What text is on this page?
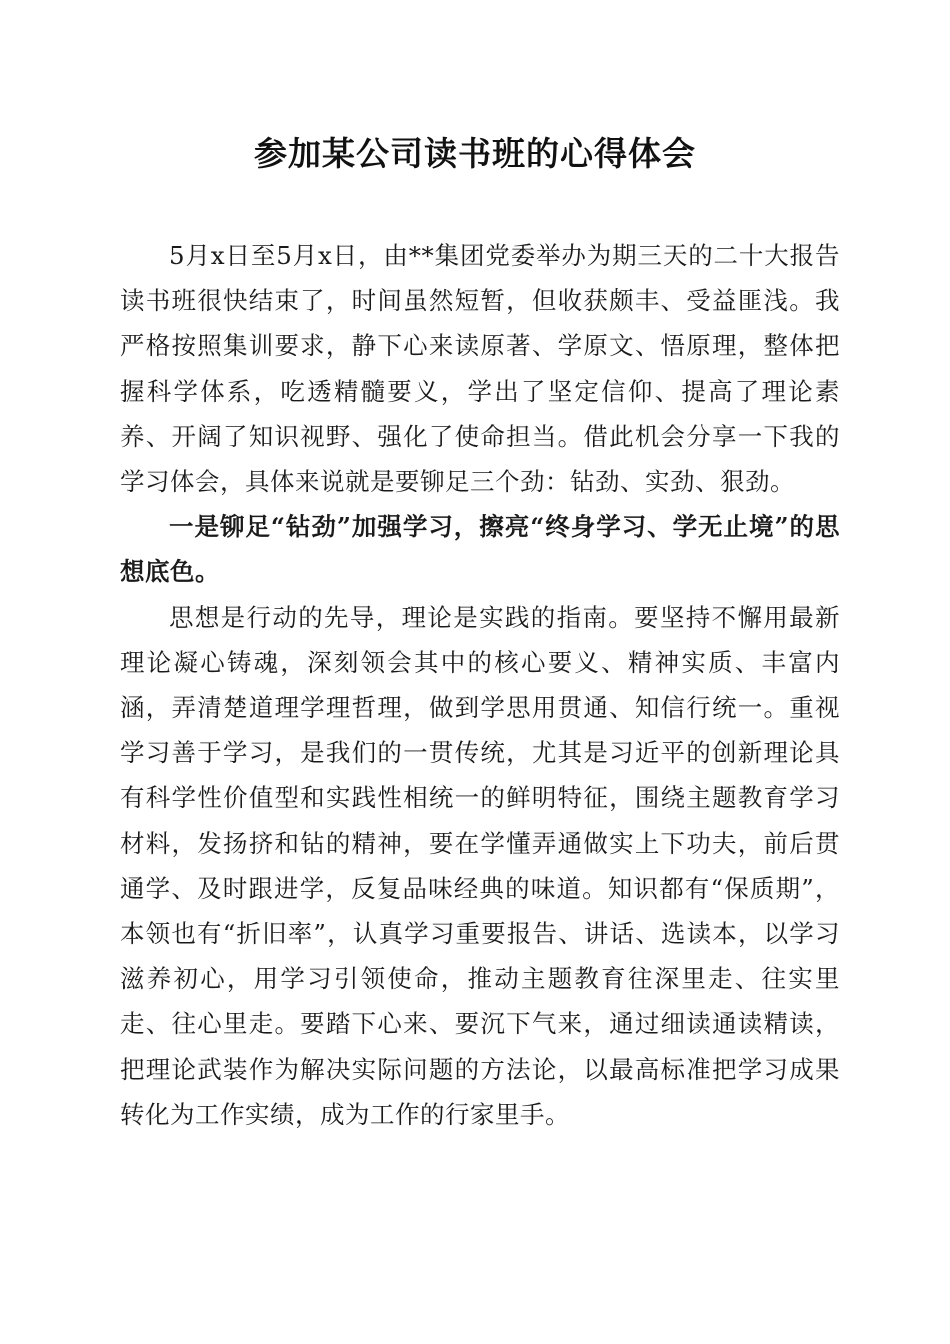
参加某公司读书班的心得体会

5月x日至5月x日，由**集团党委举办为期三天的二十大报告读书班很快结束了，时间虽然短暂，但收获颇丰、受益匪浅。我严格按照集训要求，静下心来读原著、学原文、悟原理，整体把握科学体系，吃透精髓要义，学出了坚定信仰、提高了理论素养、开阔了知识视野、强化了使命担当。借此机会分享一下我的学习体会，具体来说就是要铆足三个劲：钻劲、实劲、狠劲。

一是铆足“钻劲”加强学习，擦亮“终身学习、学无止境”的思想底色。

思想是行动的先导，理论是实践的指南。要坚持不懈用最新理论凝心铸魂，深刻领会其中的核心要义、精神实质、丰富内涵，弄清楚道理学理哲理，做到学思用贯通、知信行统一。重视学习善于学习，是我们的一贯传统，尤其是习近平的创新理论具有科学性价值型和实践性相统一的鲜明特征，围绕主题教育学习材料，发扬挤和钻的精神，要在学懂弄通做实上下功夫，前后贯通学、及时跟进学，反复品味经典的味道。知识都有“保质期”，本领也有“折旧率”，认真学习重要报告、讲话、选读本，以学习滋养初心，用学习引领使命，推动主题教育往深里走、往实里走、往心里走。要踏下心来、要沉下气来，通过细读通读精读，把理论武装作为解决实际问题的方法论，以最高标准把学习成果转化为工作实绩，成为工作的行家里手。
